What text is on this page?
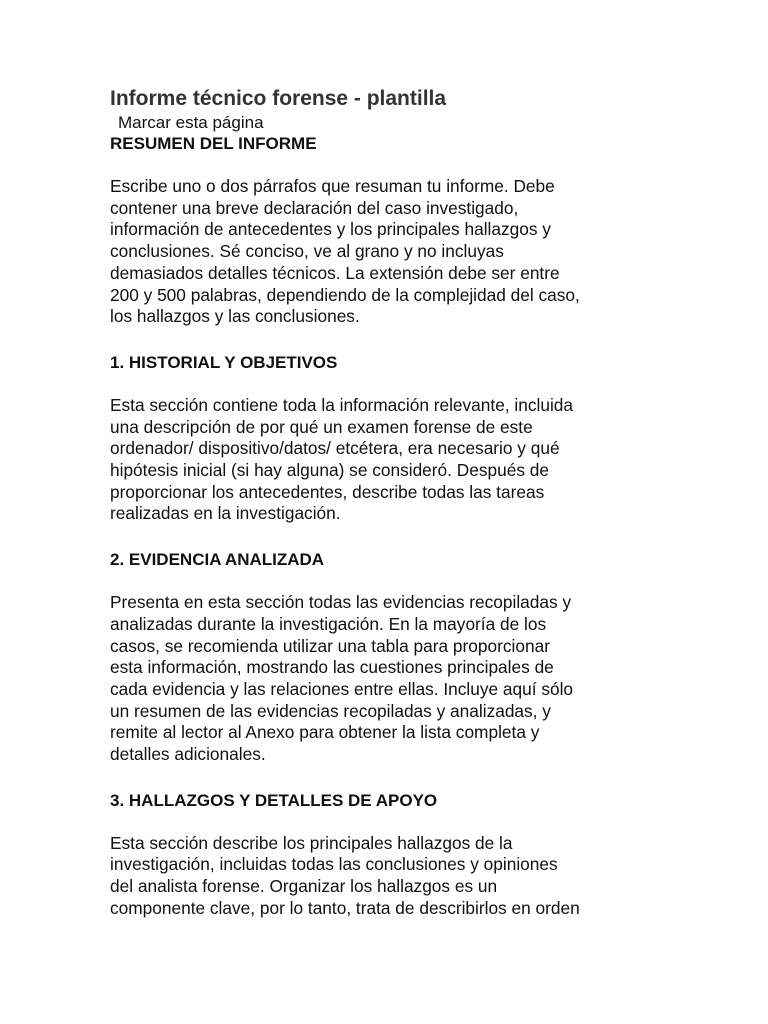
Informe técnico forense - plantilla
Marcar esta página
RESUMEN DEL INFORME

Escribe uno o dos párrafos que resuman tu informe. Debe
contener una breve declaración del caso investigado,
información de antecedentes y los principales hallazgos y
conclusiones. Sé conciso, ve al grano y no incluyas
demasiados detalles técnicos. La extensión debe ser entre
200 y 500 palabras, dependiendo de la complejidad del caso,
los hallazgos y las conclusiones.

1. HISTORIAL Y OBJETIVOS

Esta sección contiene toda la información relevante, incluida
una descripción de por qué un examen forense de este
ordenador/ dispositivo/datos/ etcétera, era necesario y qué
hipótesis inicial (si hay alguna) se consideró. Después de
proporcionar los antecedentes, describe todas las tareas
realizadas en la investigación.

2. EVIDENCIA ANALIZADA

Presenta en esta sección todas las evidencias recopiladas y
analizadas durante la investigación. En la mayoría de los
casos, se recomienda utilizar una tabla para proporcionar
esta información, mostrando las cuestiones principales de
cada evidencia y las relaciones entre ellas. Incluye aquí sólo
un resumen de las evidencias recopiladas y analizadas, y
remite al lector al Anexo para obtener la lista completa y
detalles adicionales.

3. HALLAZGOS Y DETALLES DE APOYO

Esta sección describe los principales hallazgos de la
investigación, incluidas todas las conclusiones y opiniones
del analista forense. Organizar los hallazgos es un
componente clave, por lo tanto, trata de describirlos en orden
